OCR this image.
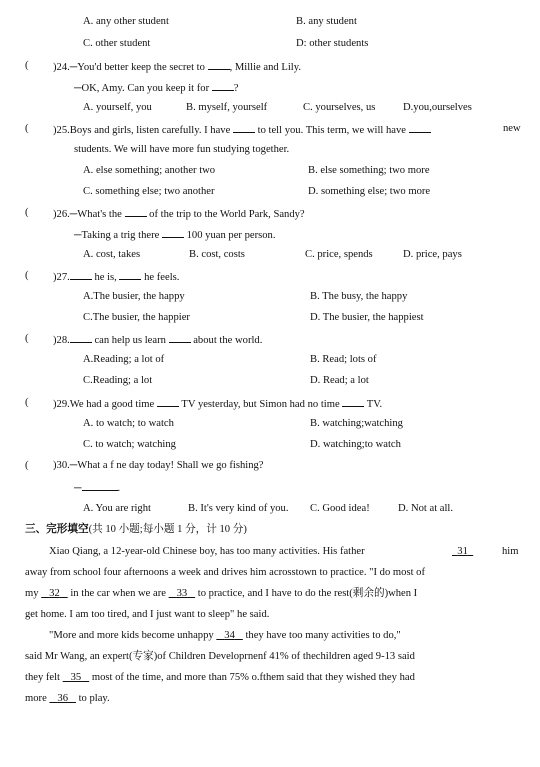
A. any other student	B. any student
C. other student	D: other students
( )24.─You'd better keep the secret to , Millie and Lily.
─OK, Amy. Can you keep it for ?
A. yourself, you	B. myself, yourself	C. yourselves, us	D.you,ourselves
( )25.Boys and girls, listen carefully. I have	to tell you. This term, we will have	new
students. We will have more fun studying together.
A. else something; another two	B. else something; two more
C. something else; two another	D. something else; two more
( )26.─What's the	of the trip to the World Park, Sandy?
─Taking a trig there	100 yuan per person.
A. cost, takes	B. cost, costs	C. price, spends	D. price, pays
( )27. he is,	he feels.
A.The busier, the happy	B. The busy, the happy
C.The busier, the happier	D. The busier, the happiest
( )28. can help us learn	about the world.
A.Reading; a lot of	B. Read; lots of
C.Reading; a lot	D. Read; a lot
( )29.We had a good time	TV yesterday, but Simon had no time	TV.
A. to watch; to watch	B. watching;watching
C. to watch; watching	D. watching;to watch
( )30.─What a f ne day today! Shall we go fishing?
─	.
A. You are right	B. It's very kind of you. C. Good idea!	D. Not at all.
三、完形填空(共 10 小题;每小题 1 分，计 10 分)
Xiao Qiang, a 12-year-old Chinese boy, has too many activities. His father	31	him
away from school four afternoons a week and drives him acrosstown to practice. "I do most of
my 32 in the car when we are 33 to practice, and I have to do the rest(剩余的)when I
get home. I am too tired, and I just want to sleep" he said.
"More and more kids become unhappy 34 they have too many activities to do,"
said Mr Wang, an expert(专家)of Children Developrnenf 41% of thechildren aged 9-13 said
they felt 35 most of the time, and more than 75% o.fthem said that they wished they had
more 36 to play.
